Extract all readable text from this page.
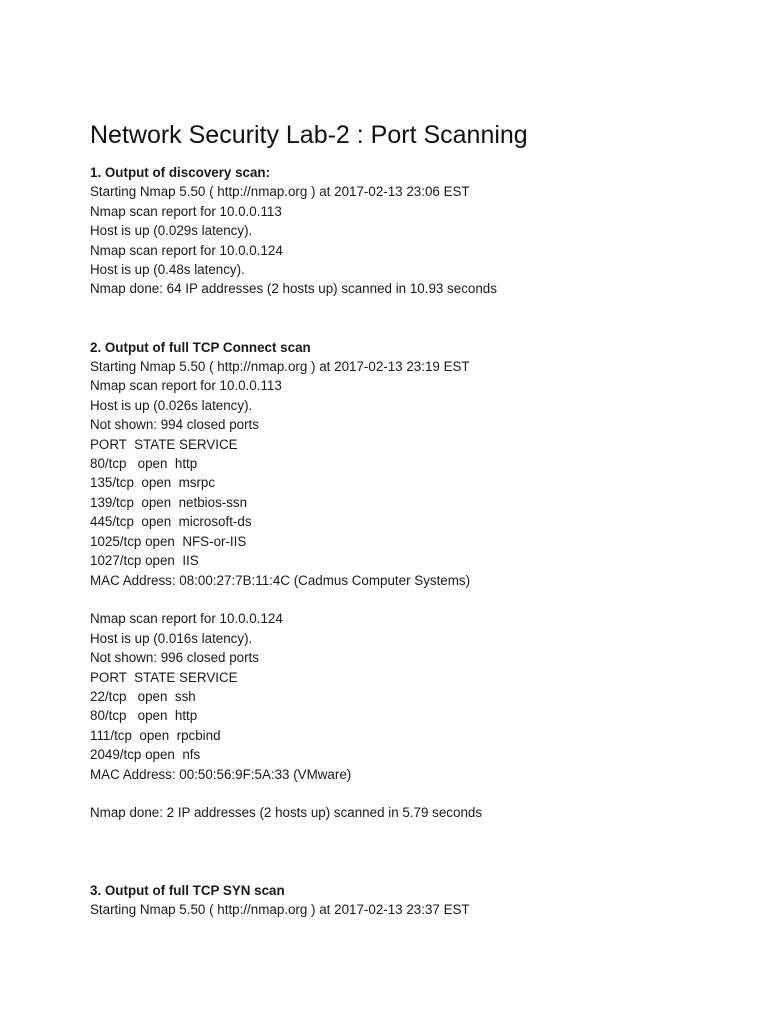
Network Security Lab-2 : Port Scanning

1. Output of discovery scan:

Starting Nmap 5.50 ( http://nmap.org ) at 2017-02-13 23:06 EST

Nmap scan report for 10.0.0.113

Host is up (0.029s latency).

Nmap scan report for 10.0.0.124

Host is up (0.48s latency).

Nmap done: 64 IP addresses (2 hosts up) scanned in 10.93 seconds

2. Output of full TCP Connect scan

Starting Nmap 5.50 ( http://nmap.org ) at 2017-02-13 23:19 EST

Nmap scan report for 10.0.0.113

Host is up (0.026s latency).

Not shown: 994 closed ports

PORT  STATE SERVICE

80/tcp   open  http

135/tcp  open  msrpc

139/tcp  open  netbios-ssn

445/tcp  open  microsoft-ds

1025/tcp open  NFS-or-IIS

1027/tcp open  IIS

MAC Address: 08:00:27:7B:11:4C (Cadmus Computer Systems)

Nmap scan report for 10.0.0.124

Host is up (0.016s latency).

Not shown: 996 closed ports

PORT  STATE SERVICE

22/tcp   open  ssh

80/tcp   open  http

111/tcp  open  rpcbind

2049/tcp open  nfs

MAC Address: 00:50:56:9F:5A:33 (VMware)

Nmap done: 2 IP addresses (2 hosts up) scanned in 5.79 seconds

3. Output of full TCP SYN scan

Starting Nmap 5.50 ( http://nmap.org ) at 2017-02-13 23:37 EST
